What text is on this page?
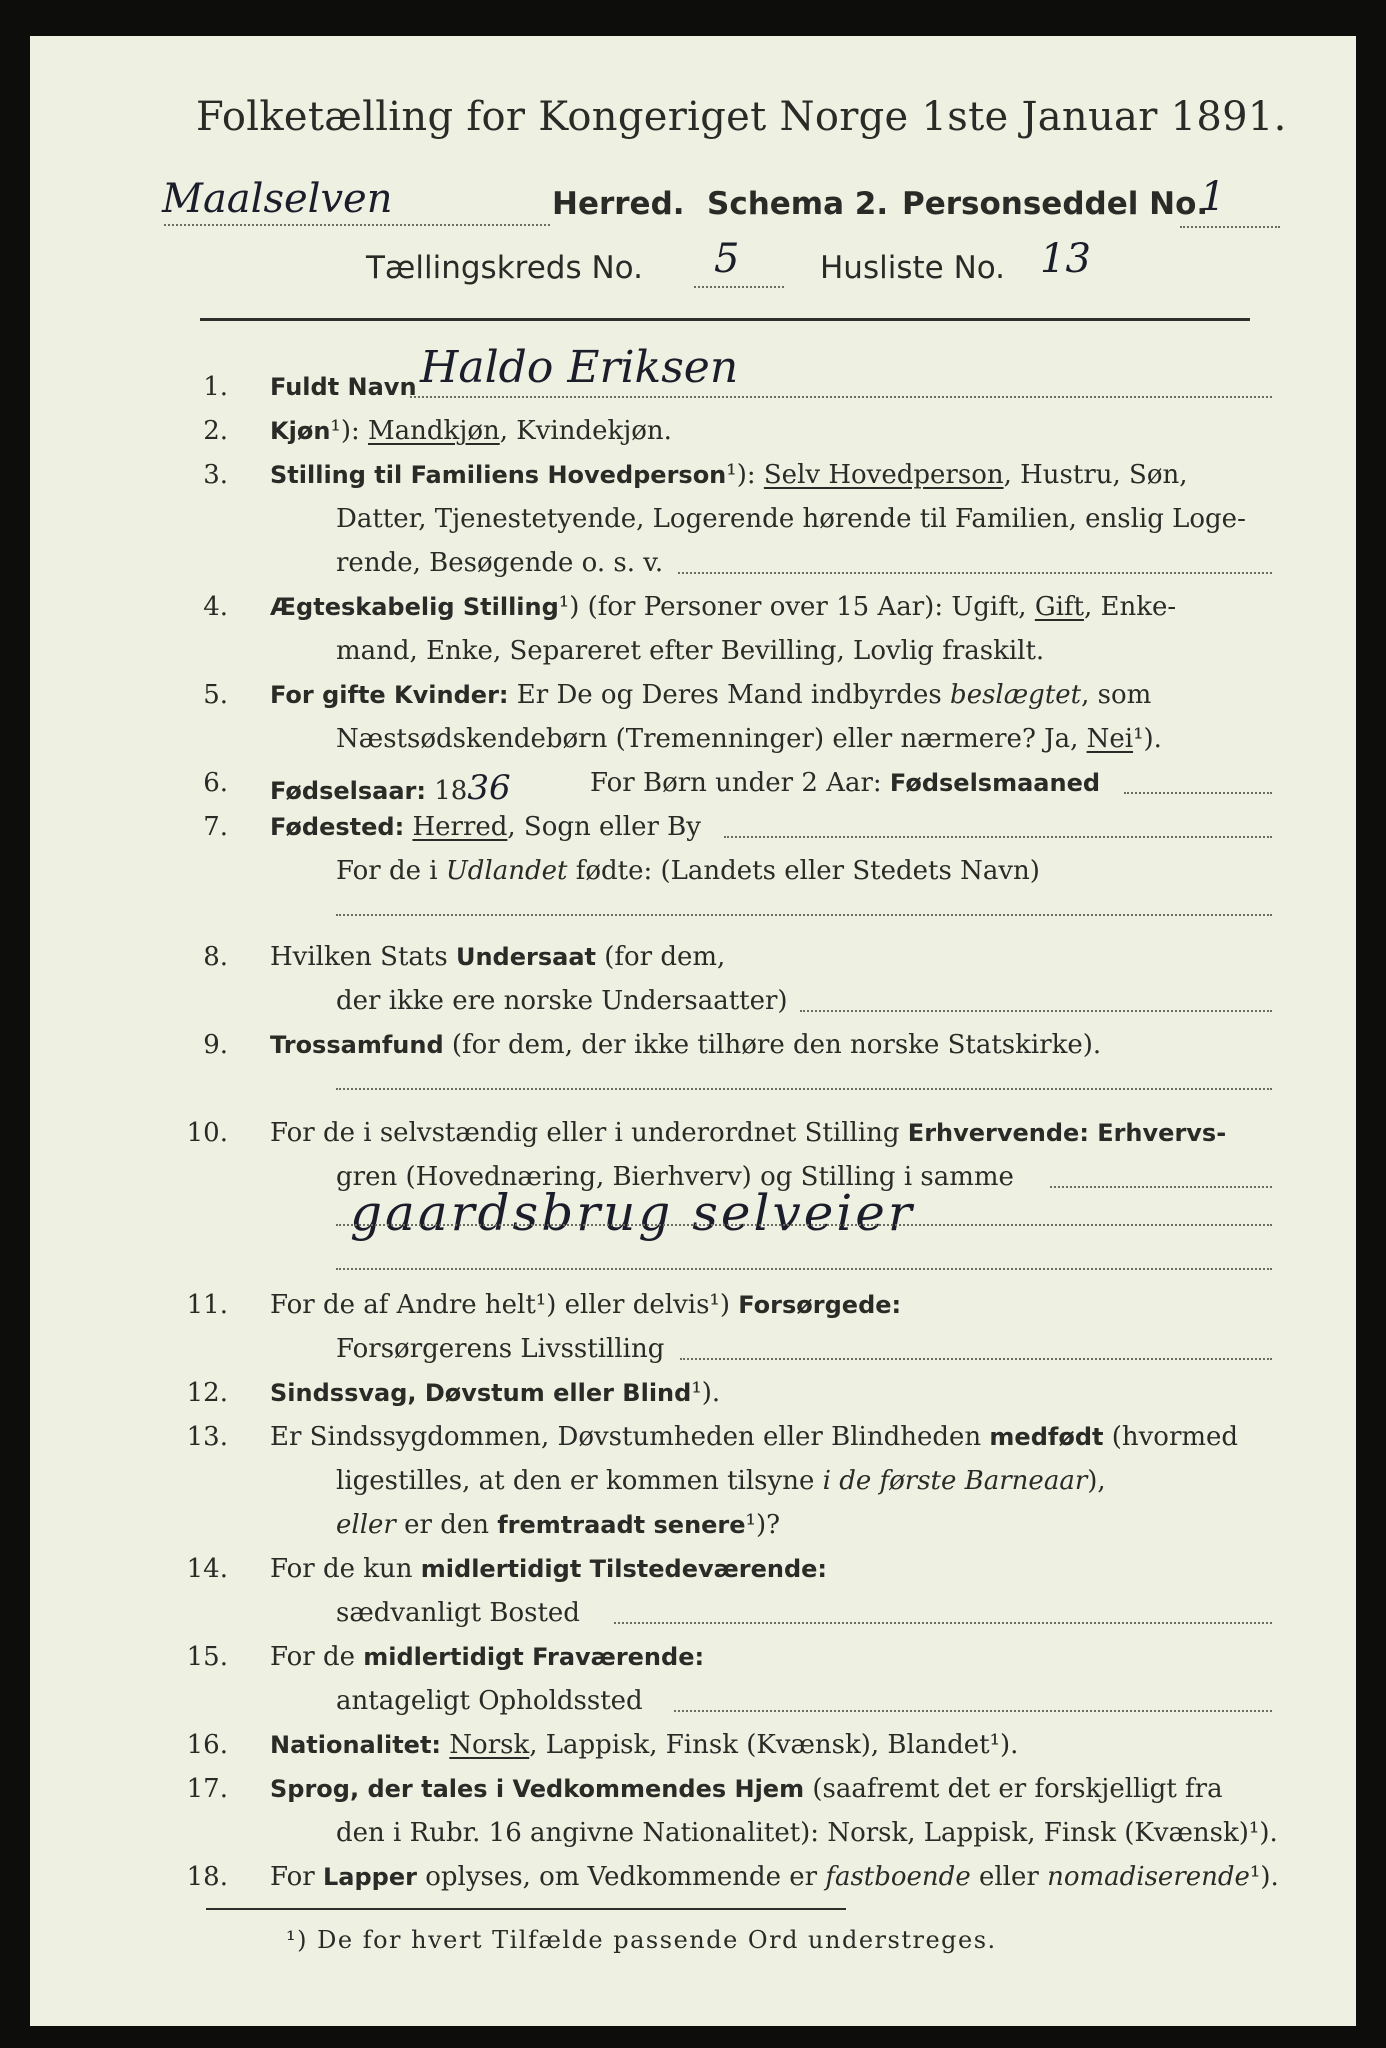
Folketælling for Kongeriget Norge 1ste Januar 1891.
Maalselven	Herred. Schema 2. Personseddel No.
1
Tællingskreds No. 5	Husliste No. 13
1. Fuldt Navn Haldo Eriksen
2. Kjøn¹): Mandkjøn, Kvindekjøn.
3. Stilling til Familiens Hovedperson¹): Selv Hovedperson, Hustru, Søn,
Datter, Tjenestetyende, Logerende hørende til Familien, enslig Loge-
rende, Besøgende o. s. v.
4. Ægteskabelig Stilling¹) (for Personer over 15 Aar): Ugift, Gift, Enke-
mand, Enke, Separeret efter Bevilling, Lovlig fraskilt.
5. For gifte Kvinder: Er De og Deres Mand indbyrdes beslægtet, som
Næstsødskendebørn (Tremenninger) eller nærmere? Ja, Nei¹).
6. Fødselsaar: 1836	For Børn under 2 Aar: Fødselsmaaned
7. Fødested: Herred, Sogn eller By
For de i Udlandet fødte: (Landets eller Stedets Navn)
8. Hvilken Stats Undersaat (for dem,
der ikke ere norske Undersaatter)
9. Trossamfund (for dem, der ikke tilhøre den norske Statskirke).
10. For de i selvstændig eller i underordnet Stilling Erhvervende: Erhvervs-
gren (Hovednæring, Bierhverv) og Stilling i samme
gaardsbrug selveier
11. For de af Andre helt¹) eller delvis¹) Forsørgede:
Forsørgerens Livsstilling
12. Sindssvag, Døvstum eller Blind¹).
13. Er Sindssygdommen, Døvstumheden eller Blindheden medfødt (hvormed
ligestilles, at den er kommen tilsyne i de første Barneaar),
eller er den fremtraadt senere¹)?
14. For de kun midlertidigt Tilstedeværende:
sædvanligt Bosted
15. For de midlertidigt Fraværende:
antageligt Opholdssted
16. Nationalitet: Norsk, Lappisk, Finsk (Kvænsk), Blandet¹).
17. Sprog, der tales i Vedkommendes Hjem (saafremt det er forskjelligt fra
den i Rubr. 16 angivne Nationalitet): Norsk, Lappisk, Finsk (Kvænsk)¹).
18. For Lapper oplyses, om Vedkommende er fastboende eller nomadiserende¹).
¹) De for hvert Tilfælde passende Ord understreges.
